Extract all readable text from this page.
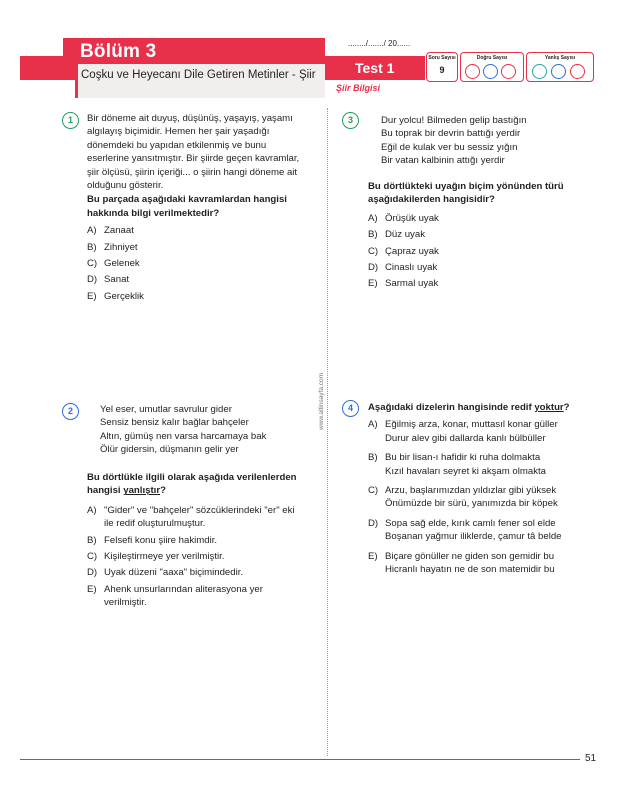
Bölüm 3
Coşku ve Heyecanı Dile Getiren Metinler - Şiir	Test 1
Şiir Bilgisi
......../......./ 20......
Soru Sayısı
9
Doğru Sayısı	Yanlış Sayısı
www.altinsayfa.com
1	Bir döneme ait duyuş, düşünüş, yaşayış, yaşamı
algılayış biçimidir. Hemen her şair yaşadığı
dönemdeki bu yapıdan etkilenmiş ve bunu
eserlerine yansıtmıştır. Bir şiirde geçen kavramlar,
şiir ölçüsü, şiirin içeriği... o şiirin hangi döneme ait
olduğunu gösterir.
Bu parçada aşağıdaki kavramlardan hangisi
hakkında bilgi verilmektedir?
A) Zanaat
B) Zihniyet
C) Gelenek
D) Sanat
E) Gerçeklik
2	Yel eser, umutlar savrulur gider
Sensiz bensiz kalır bağlar bahçeler
Altın, gümüş nen varsa harcamaya bak
Ölür gidersin, düşmanın gelir yer
Bu dörtlükle ilgili olarak aşağıda verilenlerden
hangisi yanlıştır?
A) "Gider" ve "bahçeler" sözcüklerindeki "er" eki
ile redif oluşturulmuştur.
B) Felsefi konu şiire hakimdir.
C) Kişileştirmeye yer verilmiştir.
D) Uyak düzeni "aaxa" biçimindedir.
E) Ahenk unsurlarından aliterasyona yer
verilmiştir.
3	Dur yolcu! Bilmeden gelip bastığın
Bu toprak bir devrin battığı yerdir
Eğil de kulak ver bu sessiz yığın
Bir vatan kalbinin attığı yerdir
Bu dörtlükteki uyağın biçim yönünden türü
aşağıdakilerden hangisidir?
A) Örüşük uyak
B) Düz uyak
C) Çapraz uyak
D) Cinaslı uyak
E) Sarmal uyak
4	Aşağıdaki dizelerin hangisinde redif yoktur?
A) Eğilmiş arza, konar, muttasıl konar güller
Durur alev gibi dallarda kanlı bülbüller
B) Bu bir lisan-ı hafidir ki ruha dolmakta
Kızıl havaları seyret ki akşam olmakta
C) Arzu, başlarımızdan yıldızlar gibi yüksek
Önümüzde bir sürü, yanımızda bir köpek
D) Sopa sağ elde, kırık camlı fener sol elde
Boşanan yağmur iliklerde, çamur tâ belde
E) Biçare gönüller ne giden son gemidir bu
Hicranlı hayatın ne de son matemidir bu
51
